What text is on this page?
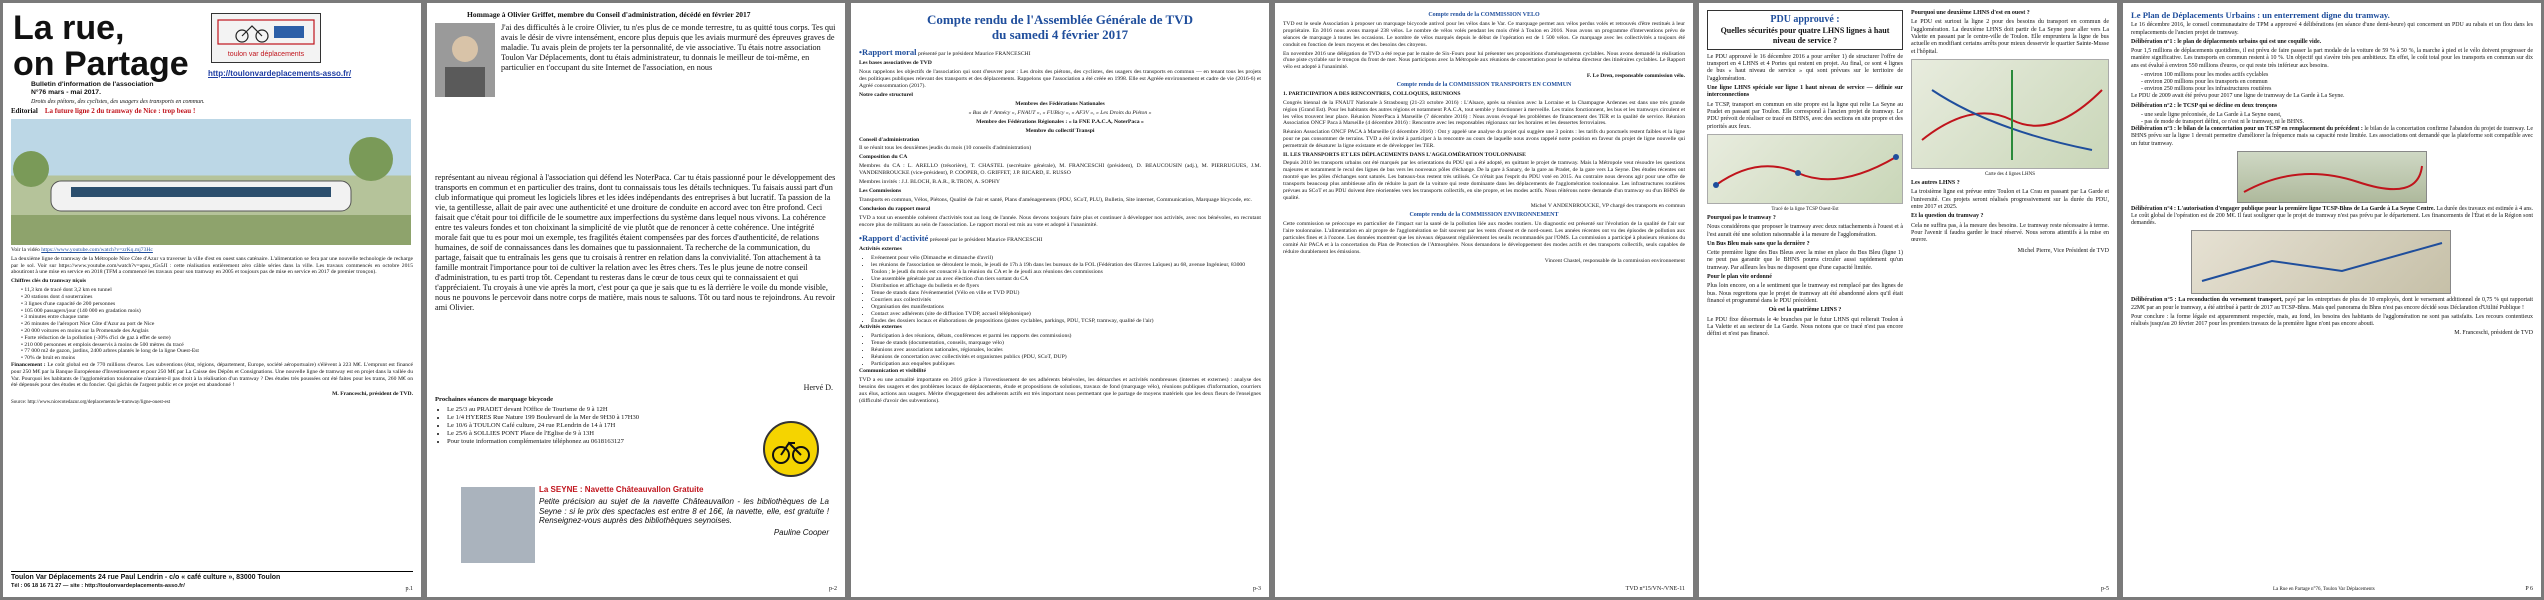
La rue,
on Partage	toulon var déplacements
http://toulonvardeplacements-asso.fr/
Bulletin d'information de l'association
N°76 mars - mai 2017.
Droits des piétons, des cyclistes, des usagers des transports en commun.
Editorial La future ligne 2 du tramway de Nice : trop beau !

Voir la vidéo https://www.youtube.com/watch?v=zrKq.mj73Hc

La deuxième ligne de tramway de la Métropole Nice Côte d'Azur va traverser la ville d'est en ouest sans caténaire. L'alimentation se fera par une nouvelle technologie de recharge par le sol. Voir sur https://www.youtube.com/watch?v=apsu_tGs5JI : cette réalisation entièrement zéro câble séries dans la ville. Les travaux commencés en octobre 2015 aboutiront à une mise en service en 2018 (TFM a commencé les travaux pour son tramway en 2005 et toujours pas de mise en service en 2017 de premier tronçon).

Chiffres clés du tramway niçois

• 11,3 km de tracé dont 3,2 km en tunnel
• 20 stations dont 4 souterraines
• 3 lignes d'une capacité de 200 personnes
• 105 000 passagers/jour (140 000 en gradation mois)
• 3 minutes entre chaque rame
• 26 minutes de l'aéroport Nice Côte d'Azur au port de Nice
• 20 000 voitures en moins sur la Promenade des Anglais
• Forte réduction de la pollution (-30% d'ici de gaz à effet de serre)
• 210 000 personnes et emplois desservis à moins de 500 mètres du tracé
• 77 000 m2 de gazon, jardins, 2400 arbres plantés le long de la ligne Ouest-Est
• 70% de bruit en moins

Financement : Le coût global est de 770 millions d'euros. Les subventions (état, régions, département, Europe, société aéroportuaire) s'élèvent à 223 M€. L'emprunt est financé pour 250 M€ par la Banque Européenne d'Investissement et pour 250 M€ par La Caisse des Dépôts et Consignations. Une nouvelle ligne de tramway est en projet dans la vallée du Var. Pourquoi les habitants de l'agglomération toulonnaise n'auraient-il pas droit à la réalisation d'un tramway ? Des études très poussées ont été faites pour les trams, 260 M€ on été dépensés pour des études et du foncier. Qui gâchis de l'argent public et ce projet est abandonné !

M. Franceschi, président de TVD.

Source: http://www.nicecotedazur.org/deplacements/le-tramway/ligne-ouest-est

Toulon Var Déplacements 24 rue Paul Lendrin - c/o « café culture », 83000 Toulon
Tél : 06 18 16 71 27 — site : http://toulonvardeplacements-asso.fr/
p.1
Hommage à Olivier Griffet, membre du Conseil d'administration, décédé en février 2017
J'ai des difficultés à le croire Olivier, tu n'es plus de ce monde terrestre, tu as quitté tous corps. Tes qui avais le désir de vivre intensément, encore plus depuis que les aviais murmuré des épreuves graves de maladie. Tu avais plein de projets ter la personnalité, de vie associative. Tu étais notre association Toulon Var Déplacements, dont tu étais administrateur, tu donnais le meilleur de toi-même, en particulier en t'occupant du site Internet de l'association, en nous
représentant au niveau régional à l'association qui défend les NoterPaca. Car tu étais passionné pour le développement des transports en commun et en particulier des trains, dont tu connaissais tous les détails techniques. Tu faisais aussi part d'un club informatique qui promeut les logiciels libres et les idées indépendants des entreprises à but lucratif. Ta passion de la vie, ta gentillesse, allait de pair avec une authenticité et une droiture de conduite en accord avec ton être profond. Ceci faisait que c'était pour toi difficile de le soumettre aux imperfections du système dans lequel nous vivons. La cohérence entre tes valeurs fondes et ton choixinant la simplicité de vie plutôt que de renoncer à cette cohérence. Une intégrité morale fait que tu es pour moi un exemple, tes fragilités étaient compensées par des forces d'authenticité, de relations humaines, de soif de connaissances dans les domaines que tu passionnaient. Ta recherche de la communication, du partage, faisait que tu entraînais les gens que tu croisais à rentrer en relation dans la convivialité. Ton attachement à ta famille montrait l'importance pour toi de cultiver la relation avec les êtres chers. Tes le plus jeune de notre conseil d'administration, tu es parti trop tôt. Cependant tu resteras dans le cœur de tous ceux qui te connaissaient et qui t'appréciaient. Tu croyais à une vie après la mort, c'est pour ça que je sais que tu es là derrière le voile du monde visible, nous ne pouvons le percevoir dans notre corps de matière, mais nous te saluons. Tôt ou tard nous te rejoindrons. Au revoir ami Olivier.
Hervé D.

Prochaines séances de marquage bicycode

• Le 25/3 au PRADET devant l'Office de Tourisme de 9 à 12H
• Le 1/4 HYERES Rue Nature 199 Boulevard de la Mer de 9H30 à 17H30
• Le 10/6 à TOULON Café culture, 24 rue P.Lendrin de 14 à 17H
• Le 25/6 à SOLLIES PONT Place de l'Eglise de 9 à 13H
• Pour toute information complémentaire téléphonez au 0618163127

La SEYNE : Navette Châteauvallon Gratuite

Petite précision au sujet de la navette Châteauvallon - les bibliothèques de La Seyne : si le prix des spectacles est entre 8 et 16€, la navette, elle, est gratuite ! Renseignez-vous auprès des bibliothèques seynoises.

Pauline Cooper

p-2
Compte rendu de l'Assemblée Générale de TVD
du samedi 4 février 2017

•Rapport moral présenté par le président Maurice FRANCESCHI

Les bases associatives de TVD

Nous rappelons les objectifs de l'association qui sont d'œuvrer pour : Les droits des piétons, des cyclistes, des usagers des transports en commun — en tenant tous les projets des politiques publiques relevant des transports et des déplacements. Rappelons que l'association a été créée en 1998. Elle est Agréée environnement et cadre de vie (2016-6) et Agréé consommation (2017).

Notre cadre structurel

Membres des Fédérations Nationales

« Bus de l' Annécy », FNAUT », « FUBicy », « AF3V », « Les Droits du Piéton »

Membre des Fédérations Régionales : « la FNE P.A.C.A, NoterPaca »

Membre du collectif Transpi

Conseil d'administration

Il se réunit tous les deuxièmes jeudis du mois (10 conseils d'administration)

Composition du CA

Membres du CA : L. ARELLO (trésorière), T. CHASTEL (secrétaire générale), M. FRANCESCHI (président), D. BEAUCOUSIN (adj.), M. PIERRUGUES, J.M. VANDENBROUCKE (vice-président), P. COOPER, O. GRIFFET, J.P. RICARD, E. RUSSO

Membres invités : J.J. BLOCH, B.A.R., R.TRON, A. SOPHY

Les Commissions

Transports en commun, Vélos, Piétons, Qualité de l'air et santé, Plans d'aménagements (PDU, SCoT, PLU), Bulletin, Site internet, Communication, Marquage bicycode, etc.

Conclusion du rapport moral

TVD a tout un ensemble cohérent d'activités tout au long de l'année. Nous devons toujours faire plus et continuer à développer nos activités, avec nos bénévoles, en recrutant encore plus de militants au sein de l'association. Le rapport moral est mis au vote et adopté à l'unanimité.

•Rapport d'activité présenté par le président Maurice FRANCESCHI

Activités externes

• Evénement pour vélo (Dimanche et dimanche d'avril)
• les réunions de l'association se déroulent le mois, le jeudi de 17h à 19h dans les bureaux de la FOL (Fédération des Œuvres Laïques) au 68, avenue Ingénieur, 83000 Toulon ; le jeudi du mois est consacré à la réunion du CA et le 4e jeudi aux réunions des commissions
• Une assemblée générale par an avec élection d'un tiers sortant du CA
• Distribution et affichage du bulletin et de flyers
• Tenue de stands dans l'événementiel (Vélo en ville et TVD PDU)
• Courriers aux collectivités
• Organisation des manifestations
• Contact avec adhérents (site de diffusion TVDP, accueil téléphonique)
• Études des dossiers locaux et élaborations de propositions (pistes cyclables, parkings, PDU, TCSP, tramway, qualité de l'air)

Activités externes

• Participation à des réunions, débats, conférences et parmi les rapports des commissions)
• Tenue de stands (documentation, conseils, marquage vélo)
• Réunions avec associations nationales, régionales, locales
• Réunions de concertation avec collectivités et organismes publics (PDU, SCoT, DUP)
• Participation aux enquêtes publiques

Communication et visibilité

TVD a eu une actualité importante en 2016 grâce à l'investissement de ses adhérents bénévoles, les démarches et activités nombreuses (internes et externes) : analyse des besoins des usagers et des problèmes locaux de déplacements, étude et propositions de solutions, travaux de fond (marquage vélo), réunions publiques d'information, courriers aux élus, actions aux usagers. Mérite d'engagement des adhérents actifs est très important nous permettant que le partage de moyens matériels que les deux fleurs de l'enseignes (difficulté d'avoir des subventions).

p-3
Compte rendu de la COMMISSION VELO

TVD est le seule Association à proposer un marquage bicycode antivol pour les vélos dans le Var. Ce marquage permet aux vélos perdus volés et retrouvés d'être restitués à leur propriétaire. En 2016 nous avons marqué 238 vélos. Le nombre de vélos volés pendant les mois d'été à Toulon en 2016. Nous avons un programme d'interventions prévu de séances de marquage à toutes les occasions. Le nombre de vélos marqués depuis le début de l'opération est de 1 500 vélos. Ce marquage avec les collectivités a toujours été conduit en fonction de leurs moyens et des besoins des citoyens.

En novembre 2016 une délégation de TVD a été reçue par le maire de Six-Fours pour lui présenter ses propositions d'aménagements cyclables. Nous avons demandé la réalisation d'une piste cyclable sur le tronçon du front de mer. Nous participons avec la Métropole aux réunions de concertation pour le schéma directeur des itinéraires cyclables. Le Rapport vélo est adopté à l'unanimité.

F. Le Dren, responsable commission vélo.

Compte rendu de la COMMISSION TRANSPORTS EN COMMUN

1. PARTICIPATION A DES RENCONTRES, COLLOQUES, REUNIONS

Congrès biennal de la FNAUT Nationale à Strasbourg (21-23 octobre 2016) : L'Alsace, après sa réunion avec la Lorraine et la Champagne Ardennes est dans une très grande région (Grand Est). Pour les habitants des autres régions et notamment P.A.C.A, tout semble y fonctionner à merveille. Les trains fonctionnent, les bus et les tramways circulent et les vélos trouvent leur place. Réunion NoterPaca à Marseille (7 décembre 2016) : Nous avons évoqué les problèmes de financement des TER et la qualité de service. Réunion Association ONCF Paca à Marseille (4 décembre 2016) : Rencontre avec les responsables régionaux sur les horaires et les dessertes ferroviaires.

Réunion Association ONCF PACA à Marseille (4 décembre 2016) : Ont y appelé une analyse du projet qui suggère une 3 points : les tarifs du ponctuels restent faibles et la ligne pour ne pas consommer de terrains. TVD a été invité à participer à la rencontre au cours de laquelle nous avons rappelé notre position en faveur du projet de ligne nouvelle qui permettrait de désaturer la ligne existante et de développer les TER.

II. LES TRANSPORTS ET LES DÉPLACEMENTS DANS L'AGGLOMÉRATION TOULONNAISE

Depuis 2010 les transports urbains ont été marqués par les orientations du PDU qui a été adopté, en quittant le projet de tramway. Mais la Métropole veut résoudre les questions majeures et notamment le recul des lignes de bus vers les nouveaux pôles d'échange. De la gare à Sanary, de la gare au Pradet, de la gare vers La Seyne. Des études récentes ont montré que les pôles d'échanges sont saturés. Les bateaux-bus restent très utilisés. Ce n'était pas l'esprit du PDU voté en 2015. Au contraire nous devons agir pour une offre de transports beaucoup plus ambitieuse afin de réduire la part de la voiture qui reste dominante dans les déplacements de l'agglomération toulonnaise. Les infrastructures routières prévues au SCoT et au PDU doivent être réorientées vers les transports collectifs, en site propre, et les modes actifs. Nous réitérons notre demande d'un tramway ou d'un BHNS de qualité.

Michel V ANDENBROUCKE, VP chargé des transports en commun

Compte rendu de la COMMISSION ENVIRONNEMENT

Cette commission se préoccupe en particulier de l'impact sur la santé de la pollution liée aux modes routiers. Un diagnostic est présenté sur l'évolution de la qualité de l'air sur l'aire toulonnaise. L'alimentation en air propre de l'agglomération se fait souvent par les vents d'ouest et de nord-ouest. Les années récentes ont vu des épisodes de pollution aux particules fines et à l'ozone. Les données montrent que les niveaux dépassent régulièrement les seuils recommandés par l'OMS. La commission a participé à plusieurs réunions du comité Air PACA et à la concertation du Plan de Protection de l'Atmosphère. Nous demandons le développement des modes actifs et des transports collectifs, seuls capables de réduire durablement les émissions.

Vincent Chastel, responsable de la commission environnement

TVD n°15/VN-/VNE-11
PDU approuvé :
Quelles sécurités pour quatre LHNS lignes à haut niveau de service ?

Le PDU approuvé le 16 décembre 2016 a pour arrêter 1) de structurer l'offre de transport en 4 LHNS et 4 Portes qui restent en projet. Au final, ce sont 4 lignes de bus « haut niveau de service » qui sont prévues sur le territoire de l'agglomération.

Une ligne LHNS spéciale sur ligne 1 haut niveau de service — définie sur interconnections

Le TCSP, transport en commun en site propre est la ligne qui relie La Seyne au Pradet en passant par Toulon. Elle correspond à l'ancien projet de tramway. Le PDU prévoit de réaliser ce tracé en BHNS, avec des sections en site propre et des priorités aux feux.

Tracé de la ligne TCSP Ouest-Est

Pourquoi pas le tramway ?

Nous considérons que proposer le tramway avec deux rattachements à l'ouest et à l'est aurait été une solution raisonnable à la mesure de l'agglomération.

Un Bus Bleu mais sans que la dernière ?

Cette première ligne des Bus Bleus avec la mise en place du Bus Bleu (ligne 1) ne peut pas garantir que le BHNS pourra circuler aussi rapidement qu'un tramway. Par ailleurs les bus ne disposent que d'une capacité limitée.

Pour le plan vite ordonné

Plus loin encore, on a le sentiment que le tramway est remplacé par des lignes de bus. Nous regrettons que le projet de tramway ait été abandonné alors qu'il était financé et programmé dans le PDU précédent.

Où est la quatrième LHNS ?

Le PDU fixe désormais le 4e branches par le futur LHNS qui relierait Toulon à La Valette et au secteur de La Garde. Nous notons que ce tracé n'est pas encore défini et n'est pas financé.

Pourquoi une deuxième LHNS d'est en ouest ?

Le PDU est surtout la ligne 2 pour des besoins du transport en commun de l'agglomération. La deuxième LHNS doit partir de La Seyne pour aller vers La Valette en passant par le centre-ville de Toulon. Elle empruntera la ligne de bus actuelle en modifiant certains arrêts pour mieux desservir le quartier Sainte-Musse et l'hôpital.

Carte des 4 lignes LHNS

Les autres LHNS ?

La troisième ligne est prévue entre Toulon et La Crau en passant par La Garde et l'université. Ces projets seront réalisés progressivement sur la durée du PDU, entre 2017 et 2025.

Et la question du tramway ?

Cela ne suffira pas, à la mesure des besoins. Le tramway reste nécessaire à terme. Pour l'avenir il faudra garder le tracé réservé. Nous serons attentifs à la mise en œuvre.

Michel Pierre, Vice Président de TVD

p-5

Le Plan de Déplacements Urbains : un enterrement digne du tramway.

Le 16 décembre 2016, le conseil communautaire de TPM a approuvé 4 délibérations (en séance d'une demi-heure) qui concernent un PDU au rabais et un flou dans les remplacements de l'ancien projet de tramway.

Délibération n°1 : le plan de déplacements urbains qui est une coquille vide.

Pour 1,5 millions de déplacements quotidiens, il est prévu de faire passer la part modale de la voiture de 59 % à 50 %, la marche à pied et le vélo doivent progresser de manière significative. Les transports en commun restent à 10 %. Un objectif qui s'avère très peu ambitieux. En effet, le coût total pour les transports en commun sur dix ans est évalué à environ 550 millions d'euros, ce qui reste très inférieur aux besoins.

- environ 100 millions pour les modes actifs cyclables
- environ 200 millions pour les transports en commun
- environ 250 millions pour les infrastructures routières

Le PDU de 2009 avait été prévu pour 2017 une ligne de tramway de La Garde à La Seyne.

Délibération n°2 : le TCSP qui se décline en deux tronçons

- une seule ligne préconisée, de La Garde à La Seyne ouest,
- pas de mode de transport défini, ce n'est ni le tramway, ni le BHNS.

Délibération n°3 : le bilan de la concertation pour un TCSP en remplacement du précédent : le bilan de la concertation confirme l'abandon du projet de tramway. Le BHNS prévu sur la ligne 1 devrait permettre d'améliorer la fréquence mais sa capacité reste limitée. Les associations ont demandé que la plateforme soit compatible avec un futur tramway.

Délibération n°4 : L'autorisation d'engager publique pour la première ligne TCSP-Bhns de La Garde à La Seyne Centre. La durée des travaux est estimée à 4 ans. Le coût global de l'opération est de 200 M€. Il faut souligner que le projet de tramway n'est pas prévu par le département. Les financements de l'État et de la Région sont demandés.

Délibération n°5 : La reconduction du versement transport, payé par les entreprises de plus de 10 employés, dont le versement additionnel de 0,75 % qui rapportait 22M€ par an pour le tramway, a été attribué à partir de 2017 au TCSP-Bhns. Mais quel panorama du Bhns n'est pas encore décidé sous Déclaration d'Utilité Publique !

Pour conclure : la forme légale est apparemment respectée, mais, au fond, les besoins des habitants de l'agglomération ne sont pas satisfaits. Les recours contentieux réalisés jusqu'au 20 février 2017 pour les premiers travaux de la première ligne n'ont pas encore abouti.

M. Franceschi, président de TVD

La Rue en Partage n°76, Toulon Var Déplacements	P 6
